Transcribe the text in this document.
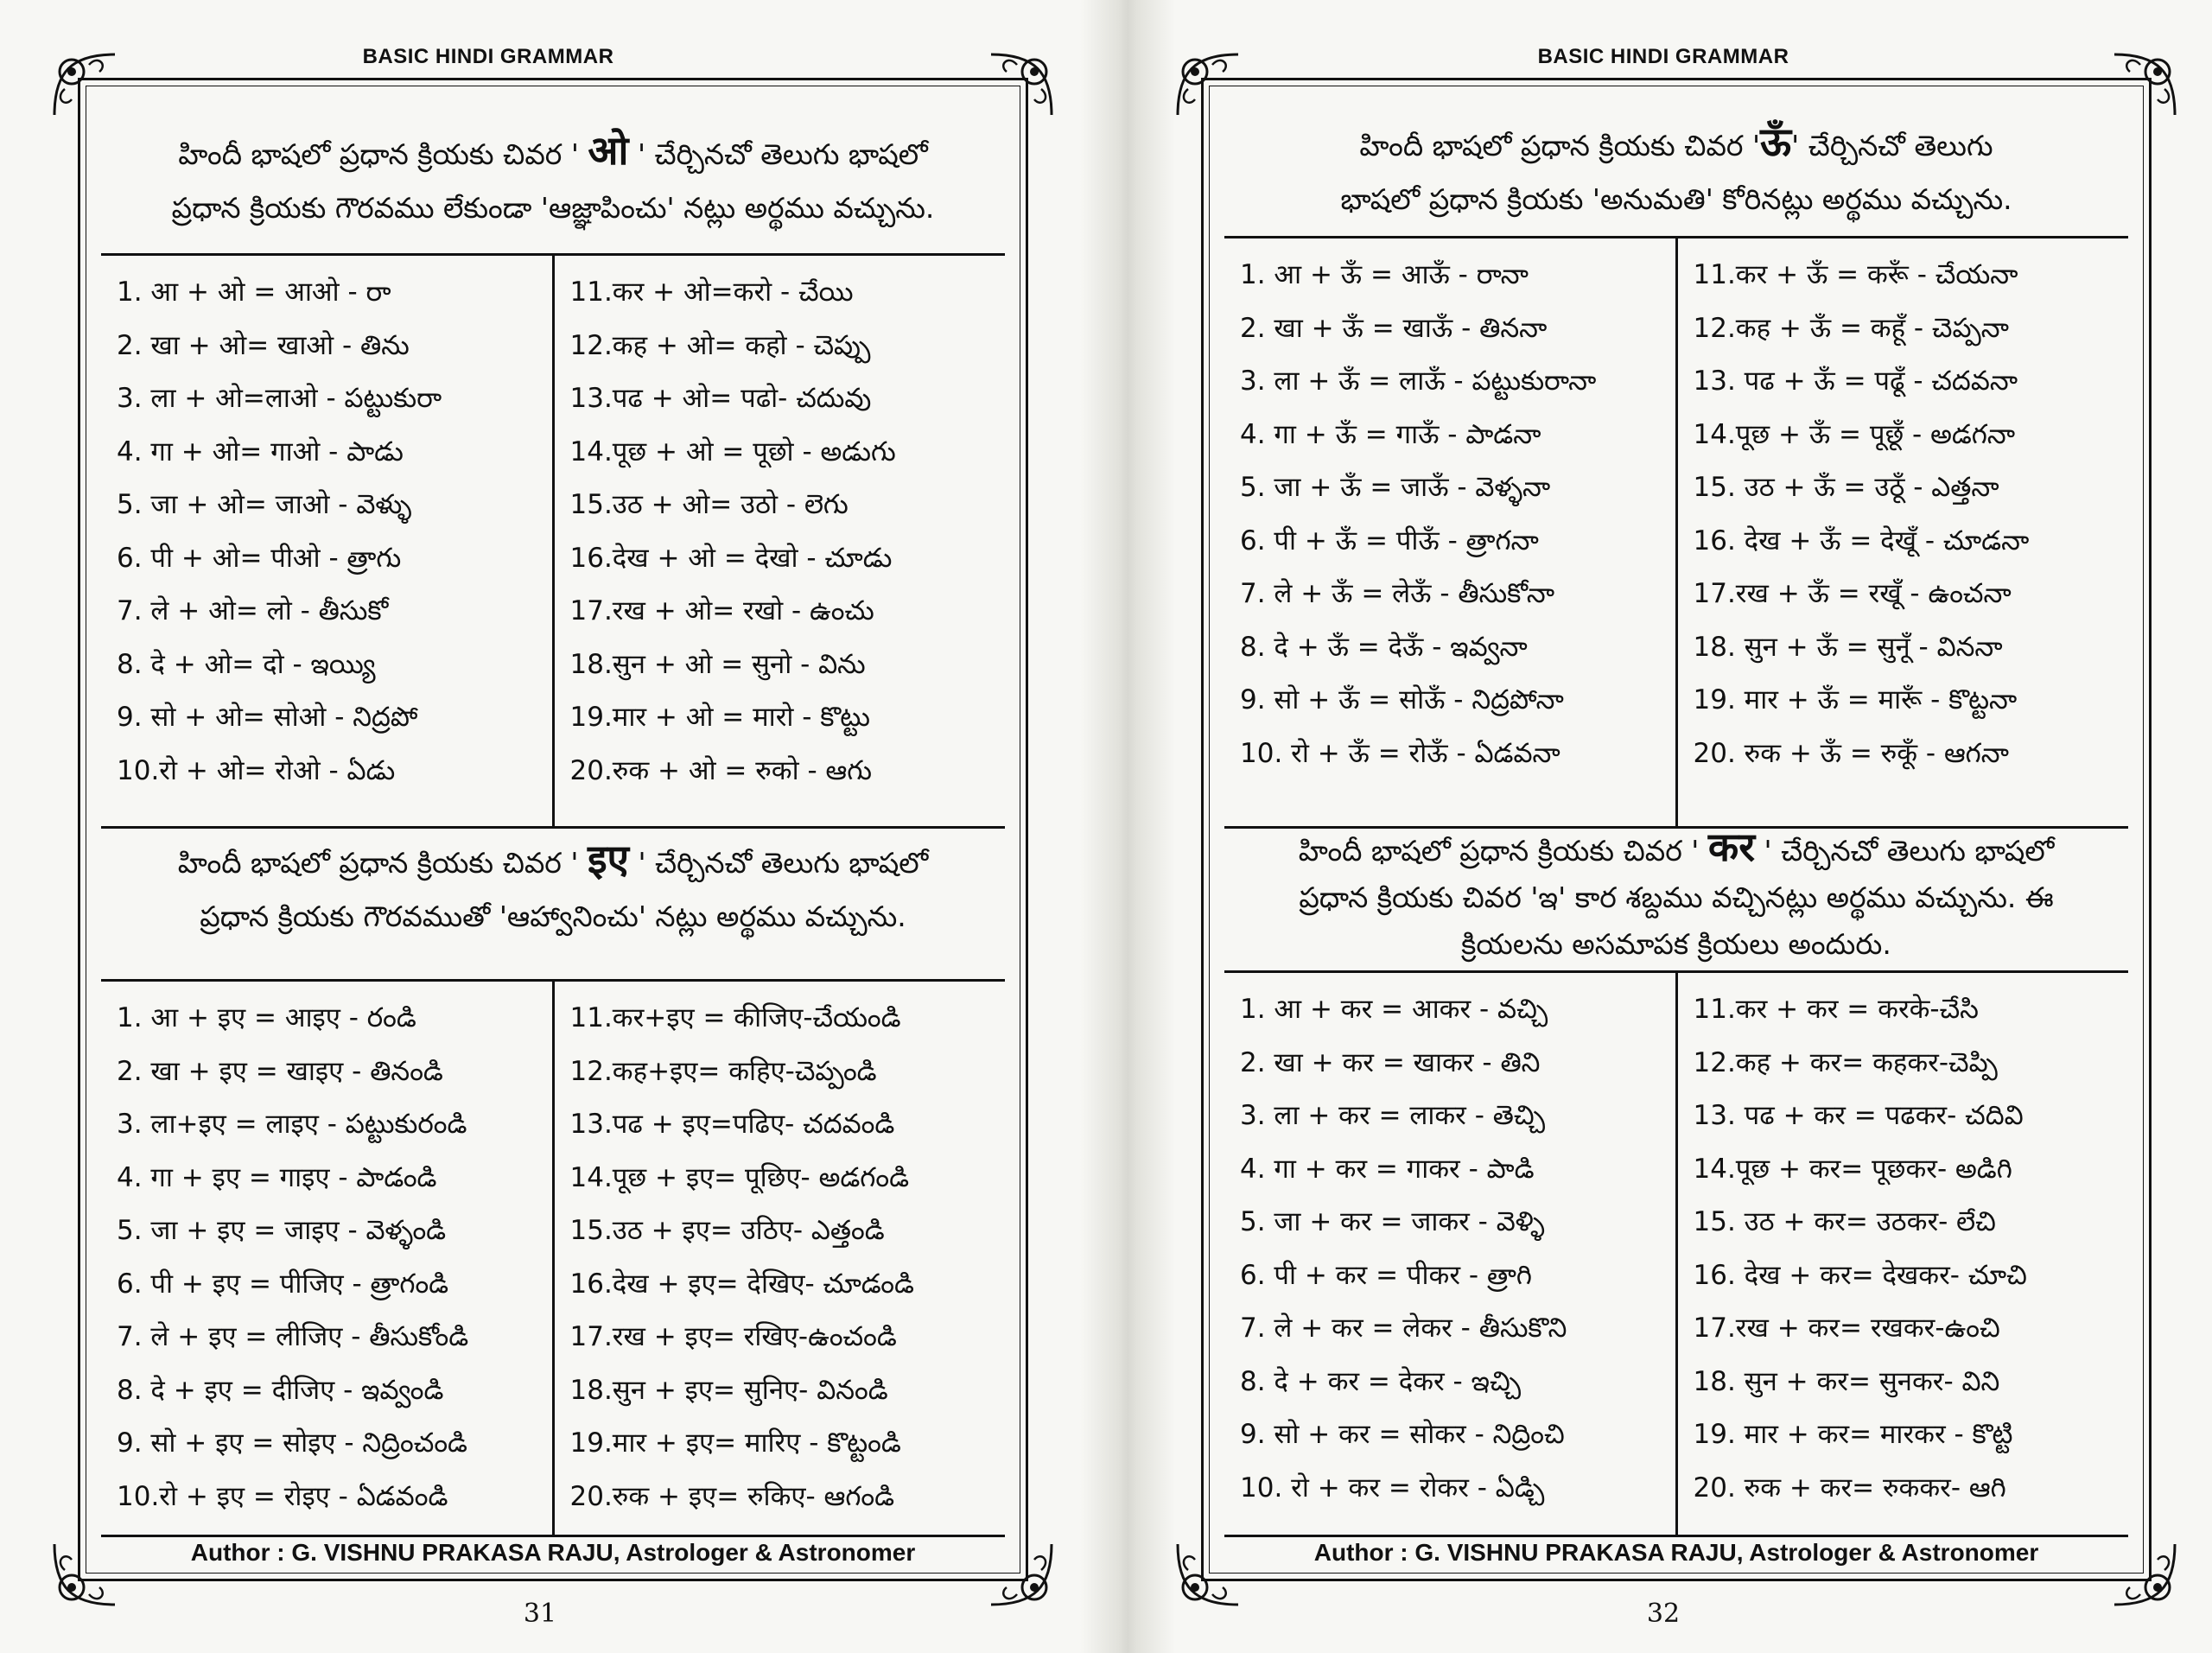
BASIC HINDI GRAMMAR
హిందీ భాషలో ప్రధాన క్రియకు చివర ' ओ ' చేర్చినచో తెలుగు భాషలో
ప్రధాన క్రియకు గౌరవము లేకుండా 'ఆజ్ఞాపించు' నట్లు అర్థము వచ్చును.
1. आ + ओ = आओ - రా
2. खा + ओ= खाओ - తిను
3. ला + ओ=लाओ - పట్టుకురా
4. गा + ओ= गाओ - పాడు
5. जा + ओ= जाओ - వెళ్ళు
6. पी + ओ= पीओ - త్రాగు
7. ले + ओ= लो - తీసుకో
8. दे + ओ= दो - ఇయ్యి
9. सो + ओ= सोओ - నిద్రపో
10.रो + ओ= रोओ - ఏడు
11.कर + ओ=करो - చేయి
12.कह + ओ= कहो - చెప్పు
13.पढ + ओ= पढो- చదువు
14.पूछ + ओ = पूछो - అడుగు
15.उठ + ओ= उठो - లెగు
16.देख + ओ = देखो - చూడు
17.रख + ओ= रखो - ఉంచు
18.सुन + ओ = सुनो - విను
19.मार + ओ = मारो - కొట్టు
20.रुक + ओ = रुको - ఆగు
హిందీ భాషలో ప్రధాన క్రియకు చివర ' इए ' చేర్చినచో తెలుగు భాషలో
ప్రధాన క్రియకు గౌరవముతో 'ఆహ్వానించు' నట్లు అర్థము వచ్చును.
1. आ + इए = आइए - రండి
2. खा + इए = खाइए - తినండి
3. ला+इए = लाइए - పట్టుకురండి
4. गा + इए = गाइए - పాడండి
5. जा + इए = जाइए - వెళ్ళండి
6. पी + इए = पीजिए - త్రాగండి
7. ले + इए = लीजिए - తీసుకోండి
8. दे + इए = दीजिए - ఇవ్వండి
9. सो + इए = सोइए - నిద్రించండి
10.रो + इए = रोइए - ఏడవండి
11.कर+इए = कीजिए-చేయండి
12.कह+इए= कहिए-చెప్పండి
13.पढ + इए=पढिए- చదవండి
14.पूछ + इए= पूछिए- అడగండి
15.उठ + इए= उठिए- ఎత్తండి
16.देख + इए= देखिए- చూడండి
17.रख + इए= रखिए-ఉంచండి
18.सुन + इए= सुनिए- వినండి
19.मार + इए= मारिए - కొట్టండి
20.रुक + इए= रुकिए- ఆగండి
Author : G. VISHNU PRAKASA RAJU, Astrologer & Astronomer
31
BASIC HINDI GRAMMAR
హిందీ భాషలో ప్రధాన క్రియకు చివర 'ऊँ' చేర్చినచో తెలుగు
భాషలో ప్రధాన క్రియకు 'అనుమతి' కోరినట్లు అర్థము వచ్చును.
1. आ + ऊँ = आऊँ - రానా
2. खा + ऊँ = खाऊँ - తిననా
3. ला + ऊँ = लाऊँ - పట్టుకురానా
4. गा + ऊँ = गाऊँ - పాడనా
5. जा + ऊँ = जाऊँ - వెళ్ళనా
6. पी + ऊँ = पीऊँ - త్రాగనా
7. ले + ऊँ = लेऊँ - తీసుకోనా
8. दे + ऊँ = देऊँ - ఇవ్వనా
9. सो + ऊँ = सोऊँ - నిద్రపోనా
10. रो + ऊँ = रोऊँ - ఏడవనా
11.कर + ऊँ = करूँ - చేయనా
12.कह + ऊँ = कहूँ - చెప్పనా
13. पढ + ऊँ = पढूँ - చదవనా
14.पूछ + ऊँ = पूछूँ - అడగనా
15. उठ + ऊँ = उठूँ - ఎత్తనా
16. देख + ऊँ = देखूँ - చూడనా
17.रख + ऊँ = रखूँ - ఉంచనా
18. सुन + ऊँ = सुनूँ - విననా
19. मार + ऊँ = मारूँ - కొట్టనా
20. रुक + ऊँ = रुकूँ - ఆగనా
హిందీ భాషలో ప్రధాన క్రియకు చివర ' कर ' చేర్చినచో తెలుగు భాషలో
ప్రధాన క్రియకు చివర 'ఇ' కార శబ్దము వచ్చినట్లు అర్థము వచ్చును. ఈ
క్రియలను అసమాపక క్రియలు అందురు.
1. आ + कर = आकर - వచ్చి
2. खा + कर = खाकर - తిని
3. ला + कर = लाकर - తెచ్చి
4. गा + कर = गाकर - పాడి
5. जा + कर = जाकर - వెళ్ళి
6. पी + कर = पीकर - త్రాగి
7. ले + कर = लेकर - తీసుకొని
8. दे + कर = देकर - ఇచ్చి
9. सो + कर = सोकर - నిద్రించి
10. रो + कर = रोकर - ఏడ్చి
11.कर + कर = करके-చేసి
12.कह + कर= कहकर-చెప్పి
13. पढ + कर = पढकर- చదివి
14.पूछ + कर= पूछकर- అడిగి
15. उठ + कर= उठकर- లేచి
16. देख + कर= देखकर- చూచి
17.रख + कर= रखकर-ఉంచి
18. सुन + कर= सुनकर- విని
19. मार + कर= मारकर - కొట్టి
20. रुक + कर= रुककर- ఆగి
Author : G. VISHNU PRAKASA RAJU, Astrologer & Astronomer
32
